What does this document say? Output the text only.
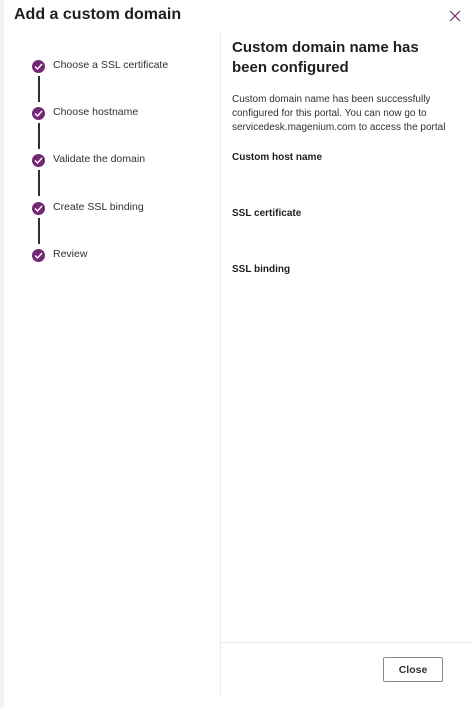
Add a custom domain
Choose a SSL certificate
Choose hostname
Validate the domain
Create SSL binding
Review
Custom domain name has been configured
Custom domain name has been successfully configured for this portal. You can now go to servicedesk.magenium.com to access the portal
Custom host name
SSL certificate
SSL binding
Close
